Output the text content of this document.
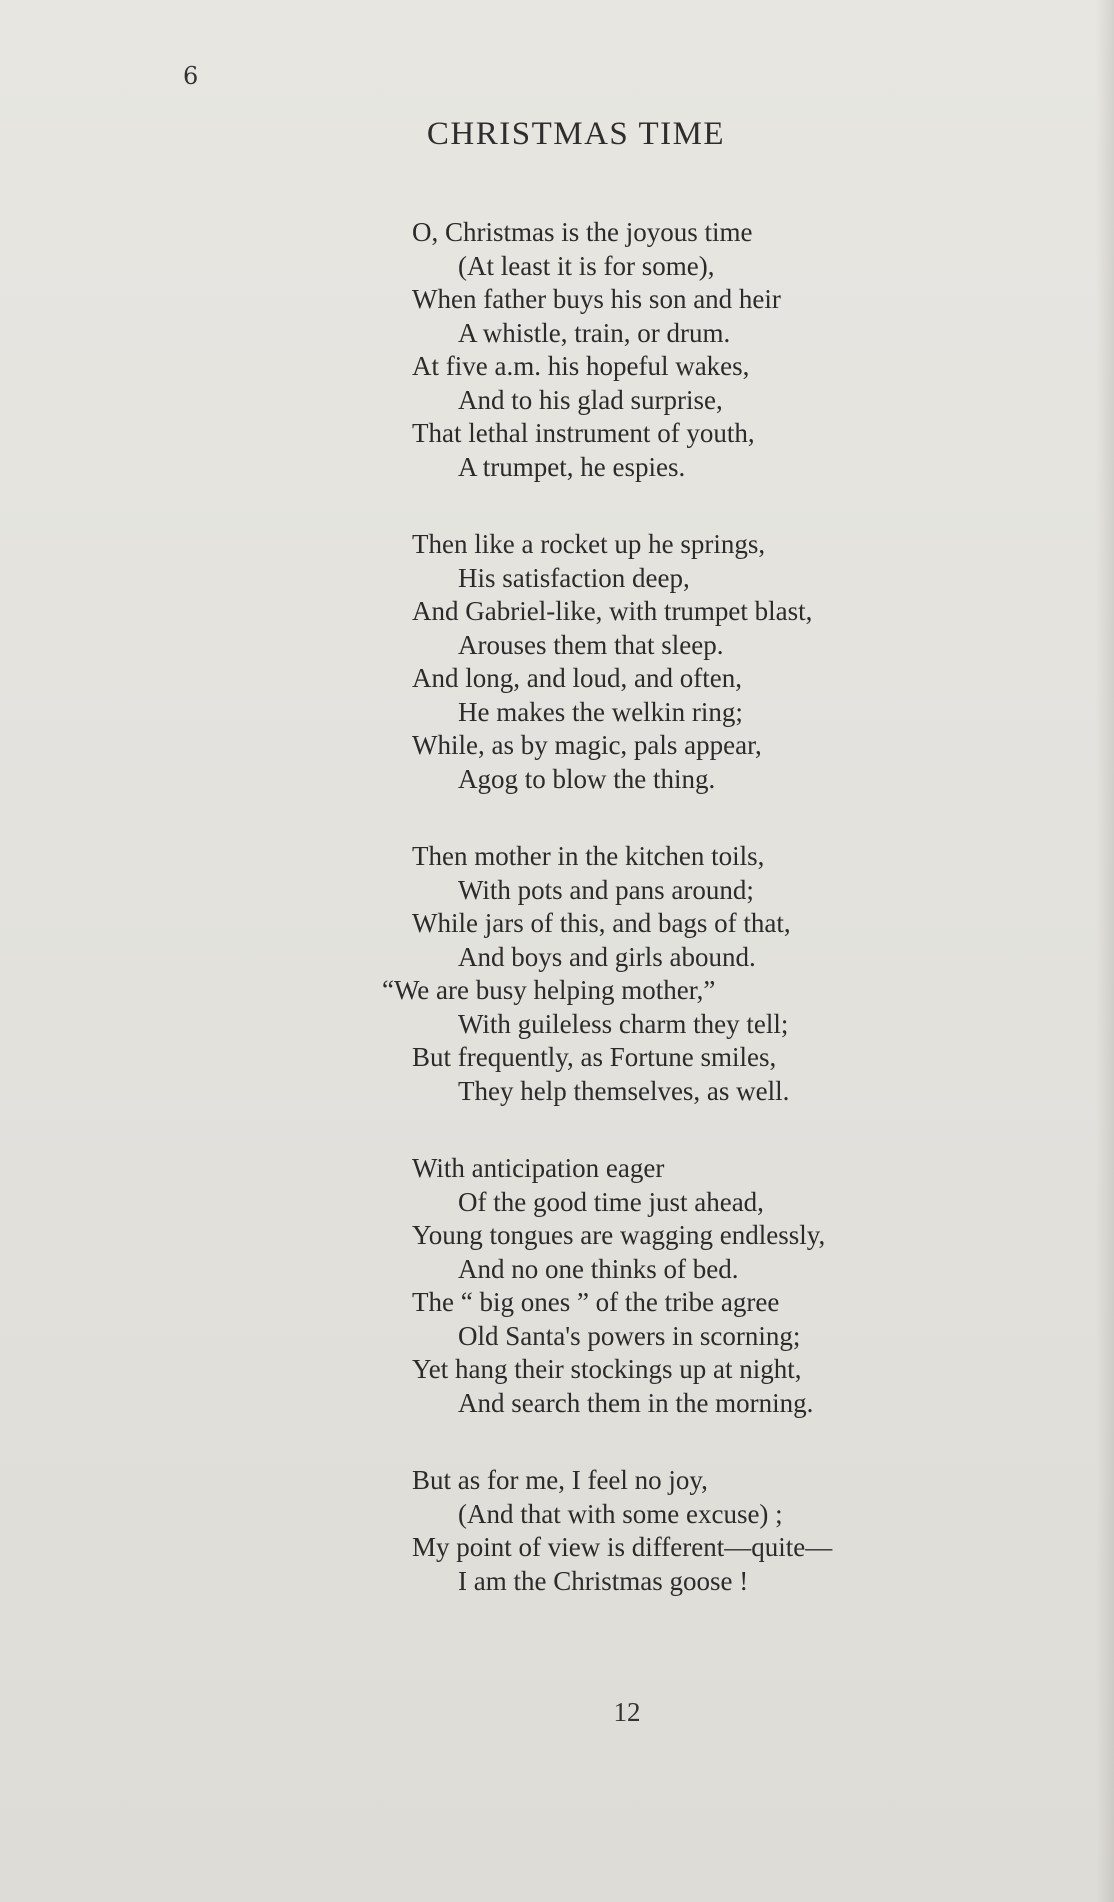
6
CHRISTMAS TIME
O, Christmas is the joyous time
(At least it is for some),
When father buys his son and heir
A whistle, train, or drum.
At five a.m. his hopeful wakes,
And to his glad surprise,
That lethal instrument of youth,
A trumpet, he espies.
Then like a rocket up he springs,
His satisfaction deep,
And Gabriel-like, with trumpet blast,
Arouses them that sleep.
And long, and loud, and often,
He makes the welkin ring;
While, as by magic, pals appear,
Agog to blow the thing.
Then mother in the kitchen toils,
With pots and pans around;
While jars of this, and bags of that,
And boys and girls abound.
“We are busy helping mother,”
With guileless charm they tell;
But frequently, as Fortune smiles,
They help themselves, as well.
With anticipation eager
Of the good time just ahead,
Young tongues are wagging endlessly,
And no one thinks of bed.
The “ big ones ” of the tribe agree
Old Santa's powers in scorning;
Yet hang their stockings up at night,
And search them in the morning.
But as for me, I feel no joy,
(And that with some excuse) ;
My point of view is different—quite—
I am the Christmas goose !
12
